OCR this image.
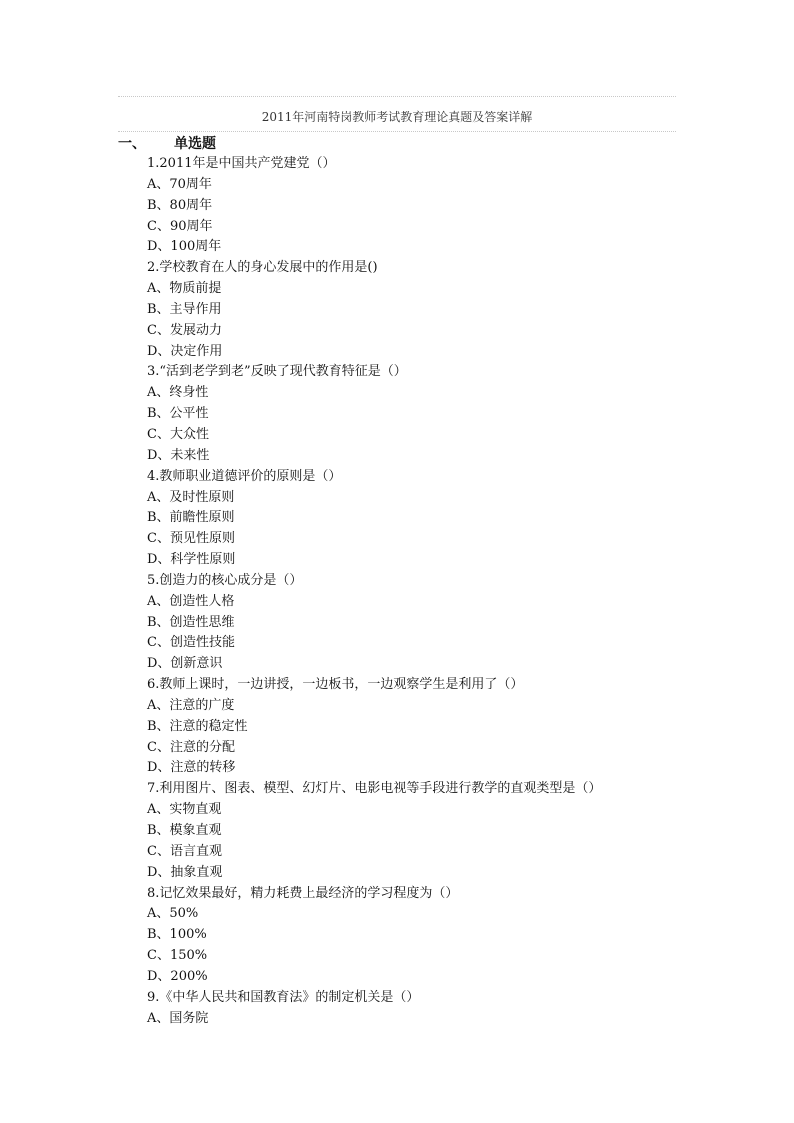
2011年河南特岗教师考试教育理论真题及答案详解
一、 单选题
1.2011年是中国共产党建党（）
A、70周年
B、80周年
C、90周年
D、100周年
2.学校教育在人的身心发展中的作用是()
A、物质前提
B、主导作用
C、发展动力
D、决定作用
3.“活到老学到老”反映了现代教育特征是（）
A、终身性
B、公平性
C、大众性
D、未来性
4.教师职业道德评价的原则是（）
A、及时性原则
B、前瞻性原则
C、预见性原则
D、科学性原则
5.创造力的核心成分是（）
A、创造性人格
B、创造性思维
C、创造性技能
D、创新意识
6.教师上课时，一边讲授，一边板书，一边观察学生是利用了（）
A、注意的广度
B、注意的稳定性
C、注意的分配
D、注意的转移
7.利用图片、图表、模型、幻灯片、电影电视等手段进行教学的直观类型是（）
A、实物直观
B、模象直观
C、语言直观
D、抽象直观
8.记忆效果最好，精力耗费上最经济的学习程度为（）
A、50%
B、100%
C、150%
D、200%
9.《中华人民共和国教育法》的制定机关是（）
A、国务院
